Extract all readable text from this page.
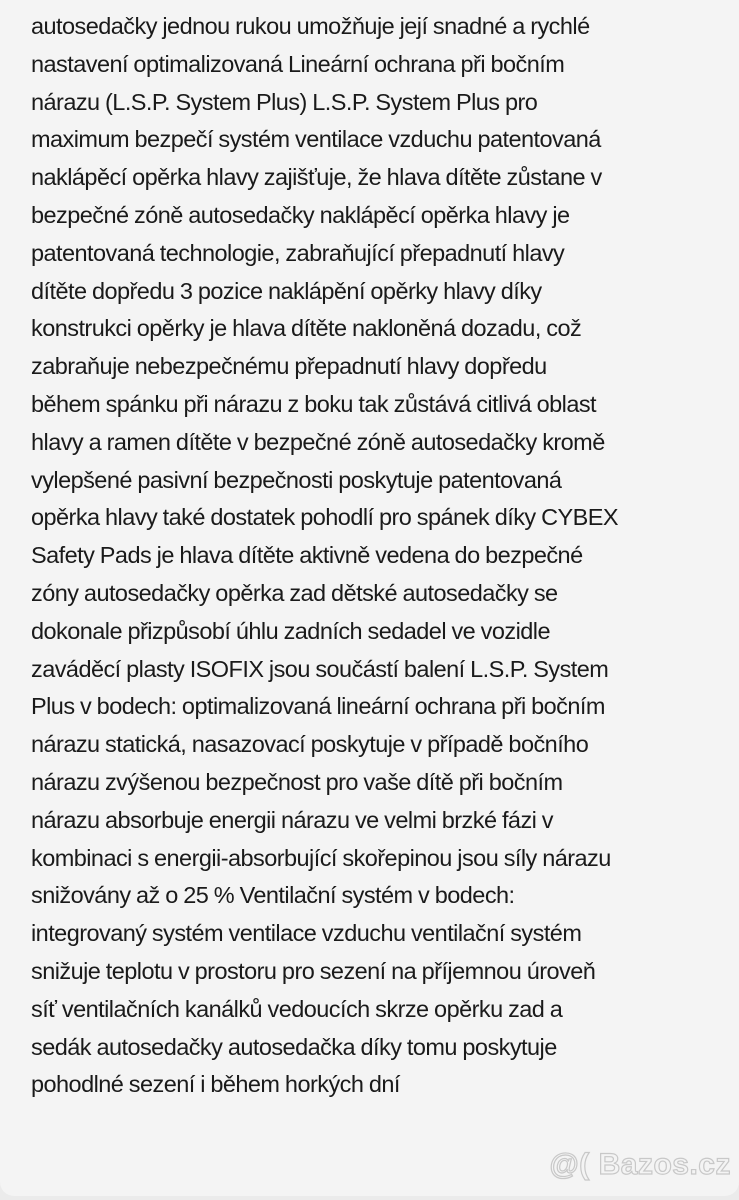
autosedačky jednou rukou umožňuje její snadné a rychlé
nastavení optimalizovaná Lineární ochrana při bočním
nárazu (L.S.P. System Plus) L.S.P. System Plus pro
maximum bezpečí systém ventilace vzduchu patentovaná
naklápěcí opěrka hlavy zajišťuje, že hlava dítěte zůstane v
bezpečné zóně autosedačky naklápěcí opěrka hlavy je
patentovaná technologie, zabraňující přepadnutí hlavy
dítěte dopředu 3 pozice naklápění opěrky hlavy díky
konstrukci opěrky je hlava dítěte nakloněná dozadu, což
zabraňuje nebezpečnému přepadnutí hlavy dopředu
během spánku při nárazu z boku tak zůstává citlivá oblast
hlavy a ramen dítěte v bezpečné zóně autosedačky kromě
vylepšené pasivní bezpečnosti poskytuje patentovaná
opěrka hlavy také dostatek pohodlí pro spánek díky CYBEX
Safety Pads je hlava dítěte aktivně vedena do bezpečné
zóny autosedačky opěrka zad dětské autosedačky se
dokonale přizpůsobí úhlu zadních sedadel ve vozidle
zaváděcí plasty ISOFIX jsou součástí balení L.S.P. System
Plus v bodech: optimalizovaná lineární ochrana při bočním
nárazu statická, nasazovací poskytuje v případě bočního
nárazu zvýšenou bezpečnost pro vaše dítě při bočním
nárazu absorbuje energii nárazu ve velmi brzké fázi v
kombinaci s energii-absorbující skořepinou jsou síly nárazu
snižovány až o 25 % Ventilační systém v bodech:
integrovaný systém ventilace vzduchu ventilační systém
snižuje teplotu v prostoru pro sezení na příjemnou úroveň
síť ventilačních kanálků vedoucích skrze opěrku zad a
sedák autosedačky autosedačka díky tomu poskytuje
pohodlné sezení i během horkých dní

@( Bazos.cz
